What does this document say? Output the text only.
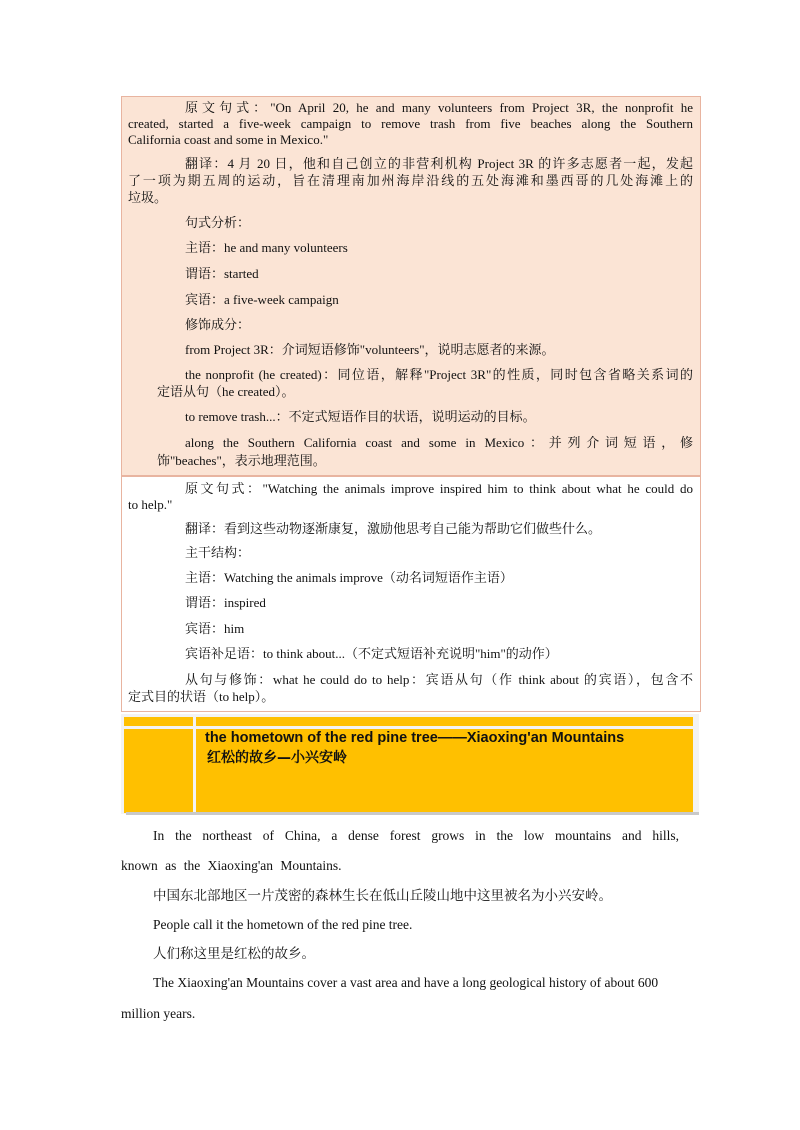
原文句式："On April 20, he and many volunteers from Project 3R, the nonprofit he

created, started a five-week campaign to remove trash from five beaches along the Southern

California coast and some in Mexico."

翻译：4 月 20 日，他和自己创立的非营利机构 Project 3R 的许多志愿者一起，发起

了一项为期五周的运动，旨在清理南加州海岸沿线的五处海滩和墨西哥的几处海滩上的

垃圾。

句式分析：

主语：he and many volunteers

谓语：started

宾语：a five-week campaign

修饰成分：

from Project 3R：介词短语修饰"volunteers"，说明志愿者的来源。

the nonprofit (he created)：同位语，解释"Project 3R"的性质，同时包含省略关系词的

定语从句（he created）。

to remove trash...：不定式短语作目的状语，说明运动的目标。

along the Southern California coast and some in Mexico：并列介词短语，修

饰"beaches"，表示地理范围。

原文句式："Watching the animals improve inspired him to think about what he could do

to help."

翻译：看到这些动物逐渐康复，激励他思考自己能为帮助它们做些什么。

主干结构：

主语：Watching the animals improve（动名词短语作主语）

谓语：inspired

宾语：him

宾语补足语：to think about...（不定式短语补充说明"him"的动作）

从句与修饰：what he could do to help：宾语从句（作 think about 的宾语），包含不

定式目的状语（to help）。

the hometown of the red pine tree——Xiaoxing'an Mountains

红松的故乡—小兴安岭

In the northeast of China, a dense forest grows in the low mountains and hills,

known as the Xiaoxing'an Mountains.

中国东北部地区一片茂密的森林生长在低山丘陵山地中这里被名为小兴安岭。

People call it the hometown of the red pine tree.

人们称这里是红松的故乡。

The Xiaoxing'an Mountains cover a vast area and have a long geological history of about 600

million years.
